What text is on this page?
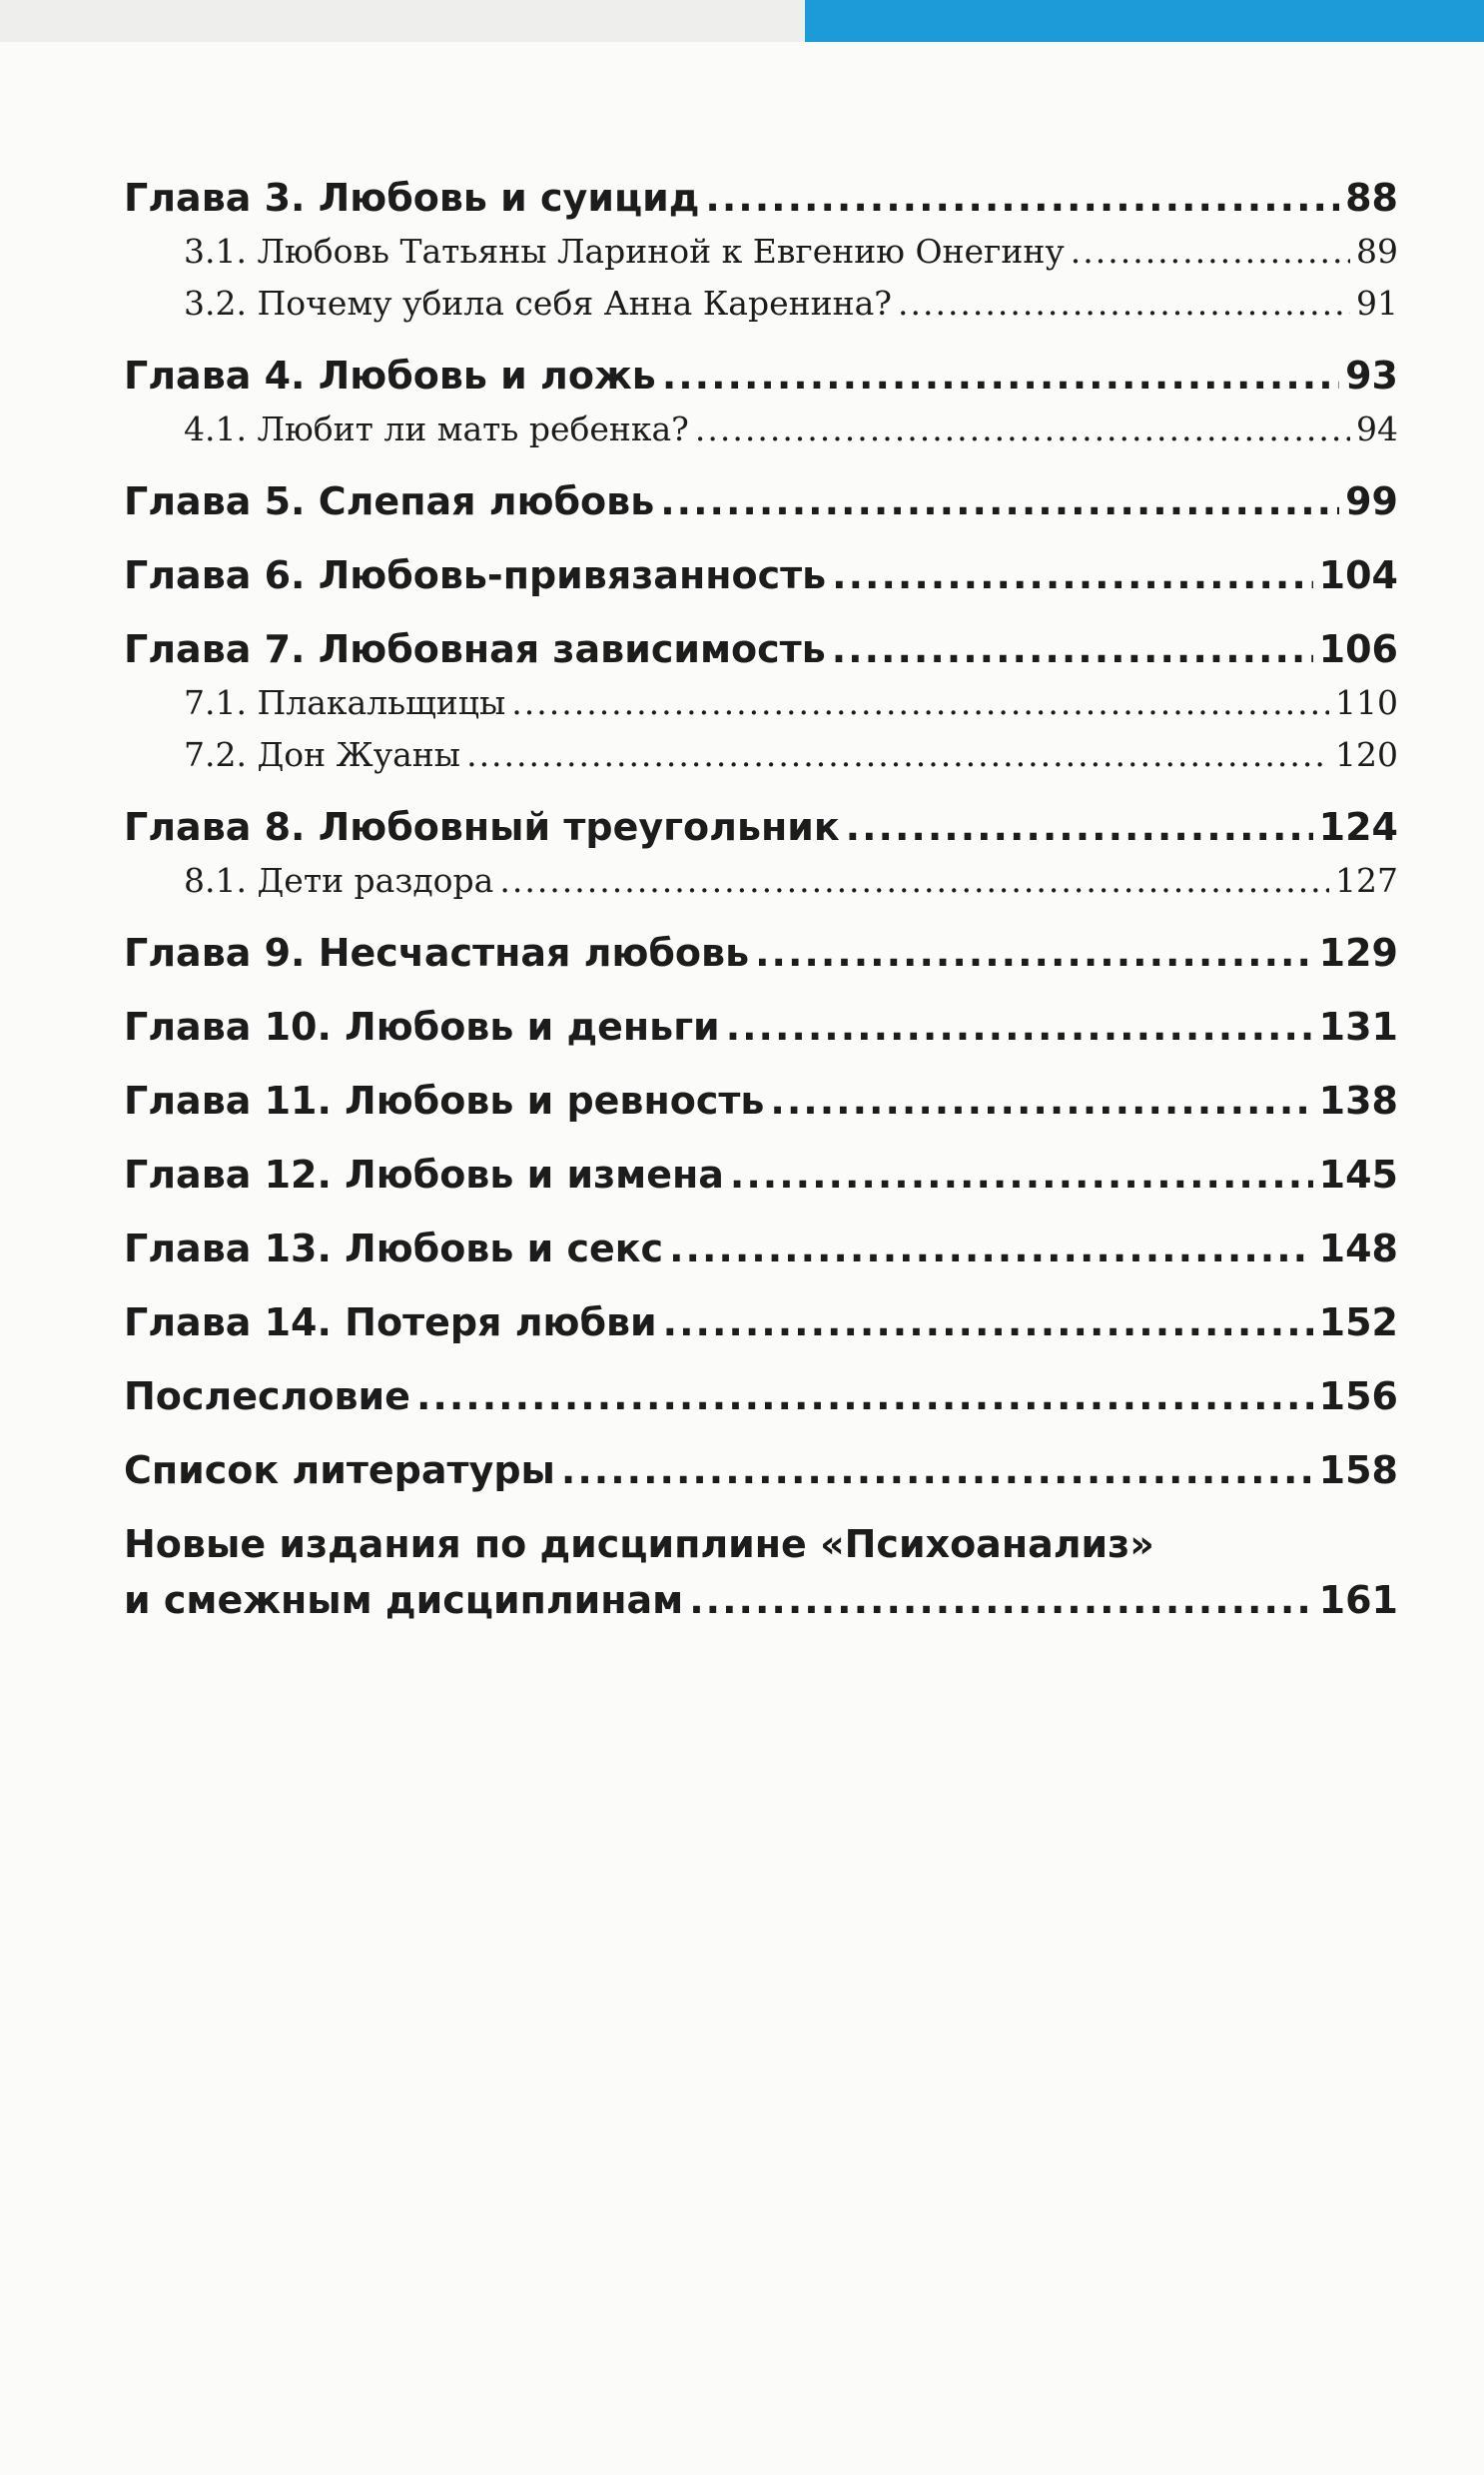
Глава 3. Любовь и суицид .....	88
3.1. Любовь Татьяны Лариной к Евгению Онегину .....	89
3.2. Почему убила себя Анна Каренина? .....	91
Глава 4. Любовь и ложь .....	93
4.1. Любит ли мать ребенка? .....	94
Глава 5. Слепая любовь .....	99
Глава 6. Любовь-привязанность .....	104
Глава 7. Любовная зависимость .....	106
7.1. Плакальщицы .....	110
7.2. Дон Жуаны .....	120
Глава 8. Любовный треугольник .....	124
8.1. Дети раздора .....	127
Глава 9. Несчастная любовь .....	129
Глава 10. Любовь и деньги .....	131
Глава 11. Любовь и ревность .....	138
Глава 12. Любовь и измена .....	145
Глава 13. Любовь и секс .....	148
Глава 14. Потеря любви .....	152
Послесловие .....	156
Список литературы .....	158
Новые издания по дисциплине «Психоанализ»
и смежным дисциплинам .....	161
